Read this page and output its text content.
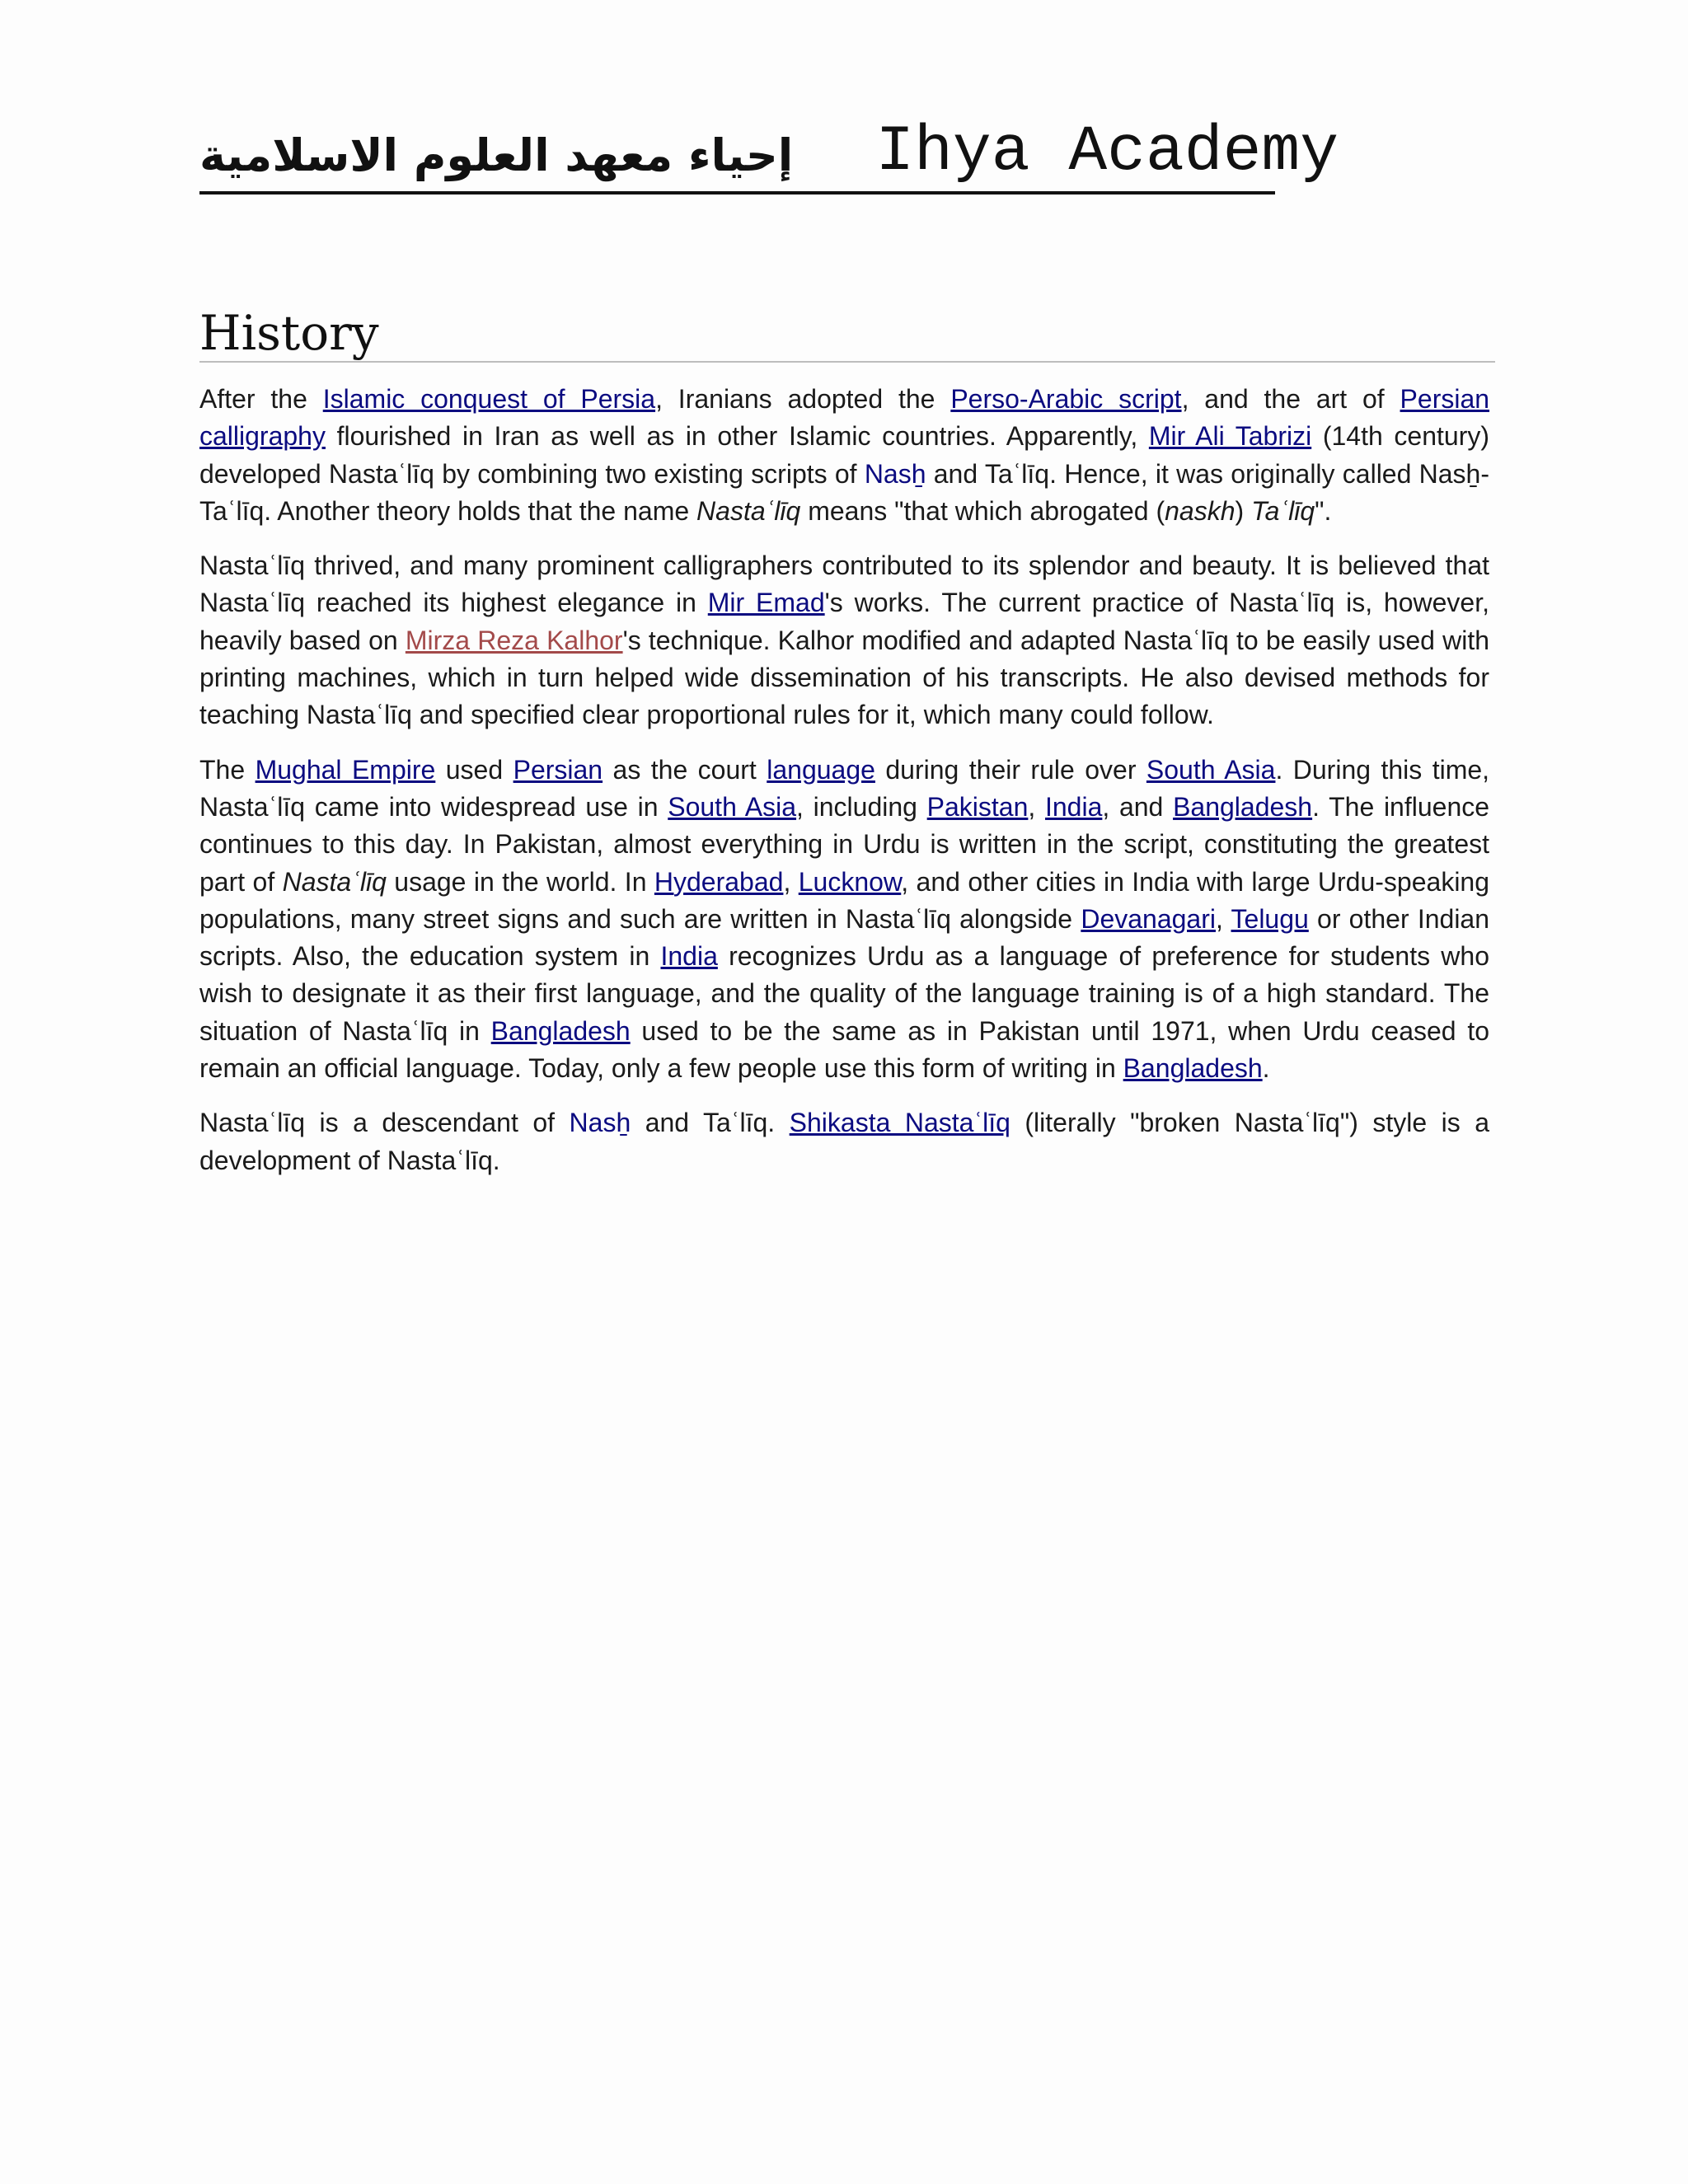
إحياء معهد العلوم الاسلامية Ihya Academy
History

After the Islamic conquest of Persia, Iranians adopted the Perso-Arabic script, and the art of Persian calligraphy flourished in Iran as well as in other Islamic countries. Apparently, Mir Ali Tabrizi (14th century) developed Nastaʿlīq by combining two existing scripts of Nasẖ and Taʿlīq. Hence, it was originally called Nasẖ-Taʿlīq. Another theory holds that the name Nastaʿlīq means "that which abrogated (naskh) Taʿlīq".

Nastaʿlīq thrived, and many prominent calligraphers contributed to its splendor and beauty. It is believed that Nastaʿlīq reached its highest elegance in Mir Emad's works. The current practice of Nastaʿlīq is, however, heavily based on Mirza Reza Kalhor's technique. Kalhor modified and adapted Nastaʿlīq to be easily used with printing machines, which in turn helped wide dissemination of his transcripts. He also devised methods for teaching Nastaʿlīq and specified clear proportional rules for it, which many could follow.

The Mughal Empire used Persian as the court language during their rule over South Asia. During this time, Nastaʿlīq came into widespread use in South Asia, including Pakistan, India, and Bangladesh. The influence continues to this day. In Pakistan, almost everything in Urdu is written in the script, constituting the greatest part of Nastaʿlīq usage in the world. In Hyderabad, Lucknow, and other cities in India with large Urdu-speaking populations, many street signs and such are written in Nastaʿlīq alongside Devanagari, Telugu or other Indian scripts. Also, the education system in India recognizes Urdu as a language of preference for students who wish to designate it as their first language, and the quality of the language training is of a high standard. The situation of Nastaʿlīq in Bangladesh used to be the same as in Pakistan until 1971, when Urdu ceased to remain an official language. Today, only a few people use this form of writing in Bangladesh.

Nastaʿlīq is a descendant of Nasẖ and Taʿlīq. Shikasta Nastaʿlīq (literally "broken Nastaʿlīq") style is a development of Nastaʿlīq.
